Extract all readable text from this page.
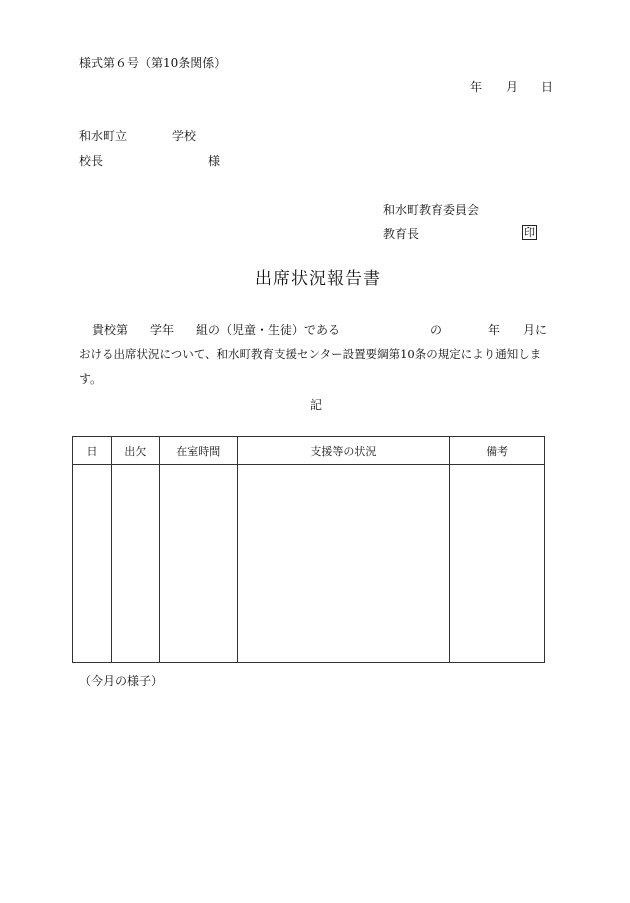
様式第６号（第10条関係）
年 月 日
和水町立	学校
校長	様
和水町教育委員会
教育長	印
出席状況報告書
貴校第 学年 組の（児童・生徒）である	の	年 月に
おける出席状況について、和水町教育支援センター設置要綱第10条の規定により通知しま
す。
記
日	出欠	在室時間	支援等の状況	備考

（今月の様子）
